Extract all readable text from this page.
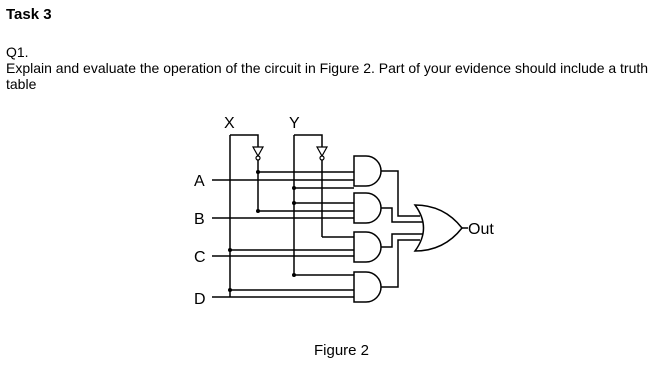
Task 3
Q1.
Explain and evaluate the operation of the circuit in Figure 2. Part of your evidence should include a truth table
X	Y
A
B
C
D
Out
Figure 2
